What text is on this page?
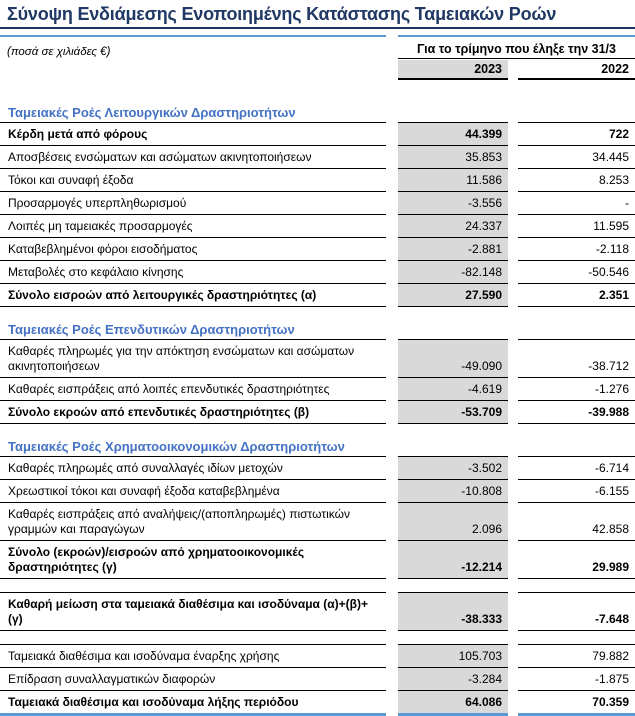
Σύνοψη Ενδιάμεσης Ενοποιημένης Κατάστασης Ταμειακών Ροών
(ποσά σε χιλιάδες €)	Για το τρίμηνο που έληξε την 31/3
2023	2022
Ταμειακές Ροές Λειτουργικών Δραστηριοτήτων
Κέρδη μετά από φόρους	44.399	722
Αποσβέσεις ενσώματων και ασώματων ακινητοποιήσεων	35.853	34.445
Τόκοι και συναφή έξοδα	11.586	8.253
Προσαρμογές υπερπληθωρισμού	-3.556	-
Λοιπές μη ταμειακές προσαρμογές	24.337	11.595
Καταβεβλημένοι φόροι εισοδήματος	-2.881	-2.118
Μεταβολές στο κεφάλαιο κίνησης	-82.148	-50.546
Σύνολο εισροών από λειτουργικές δραστηριότητες (α)	27.590	2.351
Ταμειακές Ροές Επενδυτικών Δραστηριοτήτων
Καθαρές πληρωμές για την απόκτηση ενσώματων και ασώματων ακινητοποιήσεων	-49.090	-38.712
Καθαρές εισπράξεις από λοιπές επενδυτικές δραστηριότητες	-4.619	-1.276
Σύνολο εκροών από επενδυτικές δραστηριότητες (β)	-53.709	-39.988
Ταμειακές Ροές Χρηματοοικονομικών Δραστηριοτήτων
Καθαρές πληρωμές από συναλλαγές ιδίων μετοχών	-3.502	-6.714
Χρεωστικοί τόκοι και συναφή έξοδα καταβεβλημένα	-10.808	-6.155
Καθαρές εισπράξεις από αναλήψεις/(αποπληρωμές) πιστωτικών γραμμών και παραγώγων	2.096	42.858
Σύνολο (εκροών)/εισροών από χρηματοοικονομικές δραστηριότητες (γ)	-12.214	29.989
Καθαρή μείωση στα ταμειακά διαθέσιμα και ισοδύναμα (α)+(β)+(γ)	-38.333	-7.648
Ταμειακά διαθέσιμα και ισοδύναμα έναρξης χρήσης	105.703	79.882
Επίδραση συναλλαγματικών διαφορών	-3.284	-1.875
Ταμειακά διαθέσιμα και ισοδύναμα λήξης περιόδου	64.086	70.359
